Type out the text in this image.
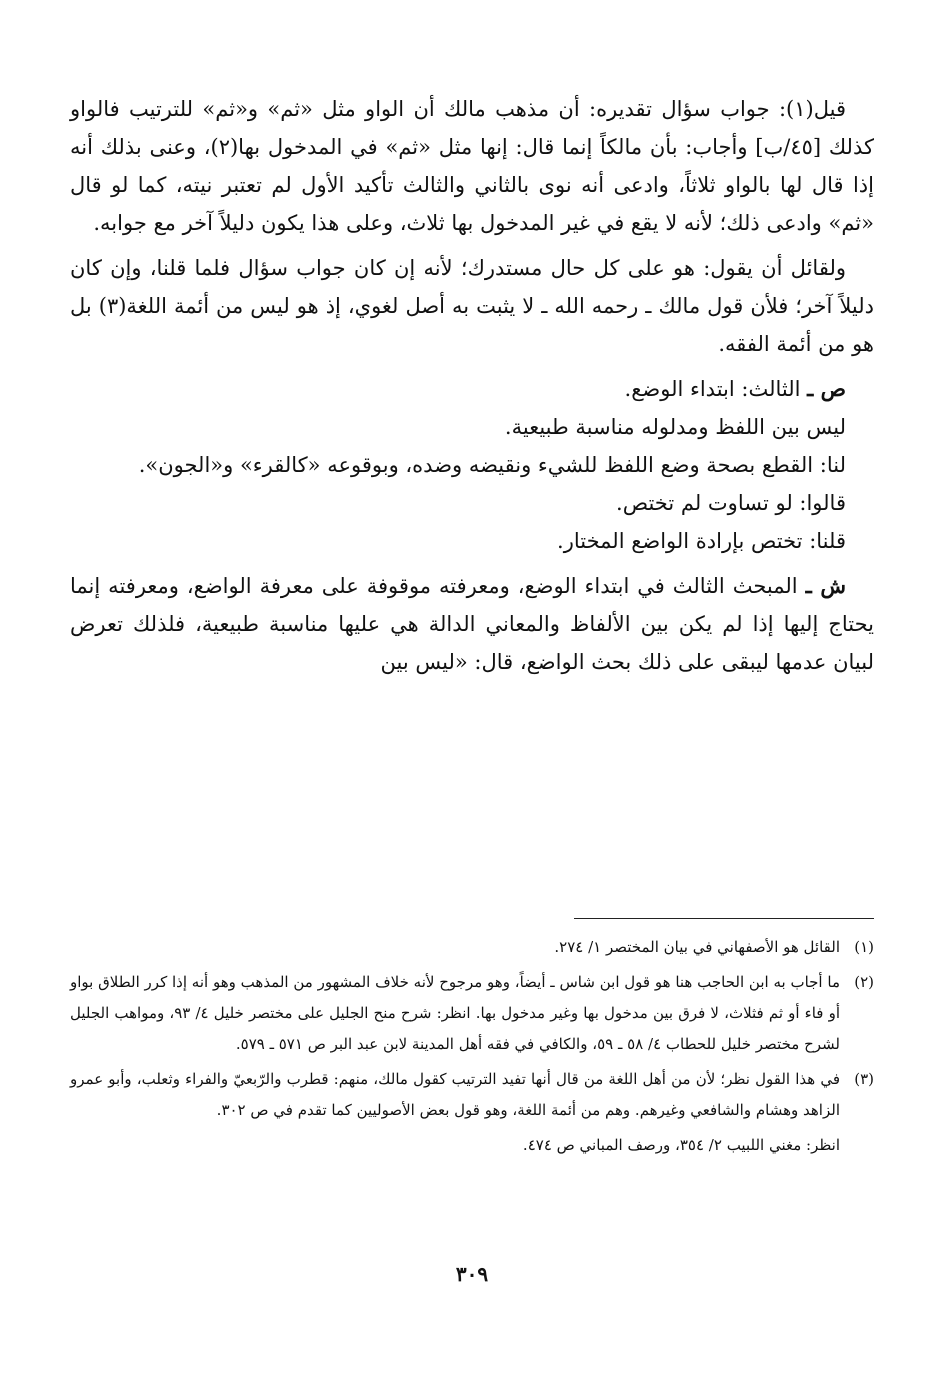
قيل(١): جواب سؤال تقديره: أن مذهب مالك أن الواو مثل «ثم» و«ثم» للترتيب فالواو كذلك [٤٥/ب] وأجاب: بأن مالكاً إنما قال: إنها مثل «ثم» في المدخول بها(٢)، وعنى بذلك أنه إذا قال لها بالواو ثلاثاً، وادعى أنه نوى بالثاني والثالث تأكيد الأول لم تعتبر نيته، كما لو قال «ثم» وادعى ذلك؛ لأنه لا يقع في غير المدخول بها ثلاث، وعلى هذا يكون دليلاً آخر مع جوابه.

ولقائل أن يقول: هو على كل حال مستدرك؛ لأنه إن كان جواب سؤال فلما قلنا، وإن كان دليلاً آخر؛ فلأن قول مالك ـ رحمه الله ـ لا يثبت به أصل لغوي، إذ هو ليس من أئمة اللغة(٣) بل هو من أئمة الفقه.

ص ـ الثالث: ابتداء الوضع.

ليس بين اللفظ ومدلوله مناسبة طبيعية.

لنا: القطع بصحة وضع اللفظ للشيء ونقيضه وضده، وبوقوعه «كالقرء» و«الجون».

قالوا: لو تساوت لم تختص.

قلنا: تختص بإرادة الواضع المختار.

ش ـ المبحث الثالث في ابتداء الوضع، ومعرفته موقوفة على معرفة الواضع، ومعرفته إنما يحتاج إليها إذا لم يكن بين الألفاظ والمعاني الدالة هي عليها مناسبة طبيعية، فلذلك تعرض لبيان عدمها ليبقى على ذلك بحث الواضع، قال: «ليس بين

(١)
القائل هو الأصفهاني في بيان المختصر ١/ ٢٧٤.
(٢)
ما أجاب به ابن الحاجب هنا هو قول ابن شاس ـ أيضاً، وهو مرجوح لأنه خلاف المشهور من المذهب وهو أنه إذا كرر الطلاق بواو أو فاء أو ثم فثلاث، لا فرق بين مدخول بها وغير مدخول بها. انظر: شرح منح الجليل على مختصر خليل ٤/ ٩٣، ومواهب الجليل لشرح مختصر خليل للحطاب ٤/ ٥٨ ـ ٥٩، والكافي في فقه أهل المدينة لابن عبد البر ص ٥٧١ ـ ٥٧٩.
(٣)
في هذا القول نظر؛ لأن من أهل اللغة من قال أنها تفيد الترتيب كقول مالك، منهم: قطرب والرّبعيّ والفراء وثعلب، وأبو عمرو الزاهد وهشام والشافعي وغيرهم. وهم من أئمة اللغة، وهو قول بعض الأصوليين كما تقدم في ص ٣٠٢.
انظر: مغني اللبيب ٢/ ٣٥٤، ورصف المباني ص ٤٧٤.
٣٠٩
